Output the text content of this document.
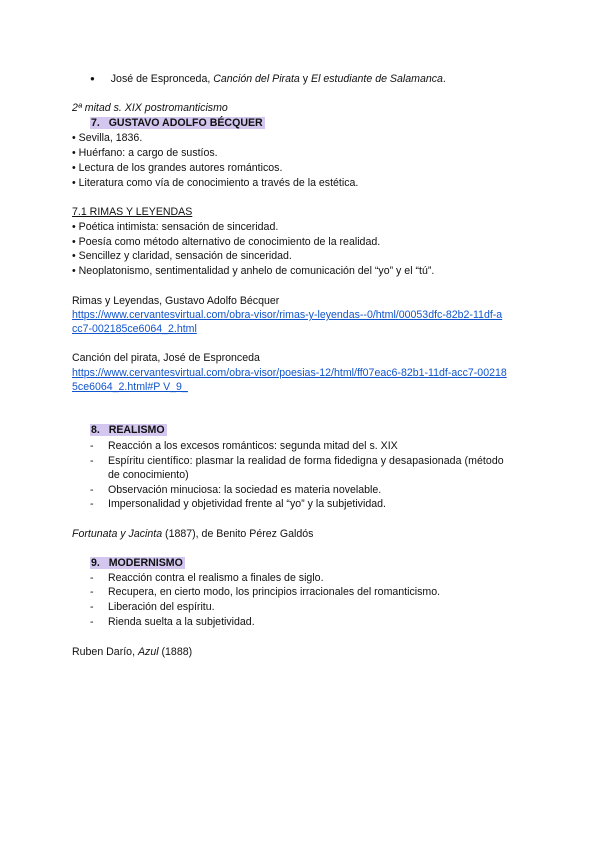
● José de Espronceda, Canción del Pirata y El estudiante de Salamanca.
2ª mitad s. XIX postromanticismo
7. GUSTAVO ADOLFO BÉCQUER
• Sevilla, 1836.
• Huérfano: a cargo de sustíos.
• Lectura de los grandes autores románticos.
• Literatura como vía de conocimiento a través de la estética.
7.1 RIMAS Y LEYENDAS
• Poética intimista: sensación de sinceridad.
• Poesía como método alternativo de conocimiento de la realidad.
• Sencillez y claridad, sensación de sinceridad.
• Neoplatonismo, sentimentalidad y anhelo de comunicación del “yo” y el “tú”.
Rimas y Leyendas, Gustavo Adolfo Bécquer
https://www.cervantesvirtual.com/obra-visor/rimas-y-leyendas--0/html/00053dfc-82b2-11df-a
cc7-002185ce6064_2.html
Canción del pirata, José de Espronceda
https://www.cervantesvirtual.com/obra-visor/poesias-12/html/ff07eac6-82b1-11df-acc7-00218
5ce6064_2.html#P V_9_
8. REALISMO
- Reacción a los excesos románticos: segunda mitad del s. XIX
- Espíritu científico: plasmar la realidad de forma fidedigna y desapasionada (método
de conocimiento)
- Observación minuciosa: la sociedad es materia novelable.
- Impersonalidad y objetividad frente al “yo” y la subjetividad.
Fortunata y Jacinta (1887), de Benito Pérez Galdós
9. MODERNISMO
- Reacción contra el realismo a finales de siglo.
- Recupera, en cierto modo, los principios irracionales del romanticismo.
- Liberación del espíritu.
- Rienda suelta a la subjetividad.
Ruben Darío, Azul (1888)
